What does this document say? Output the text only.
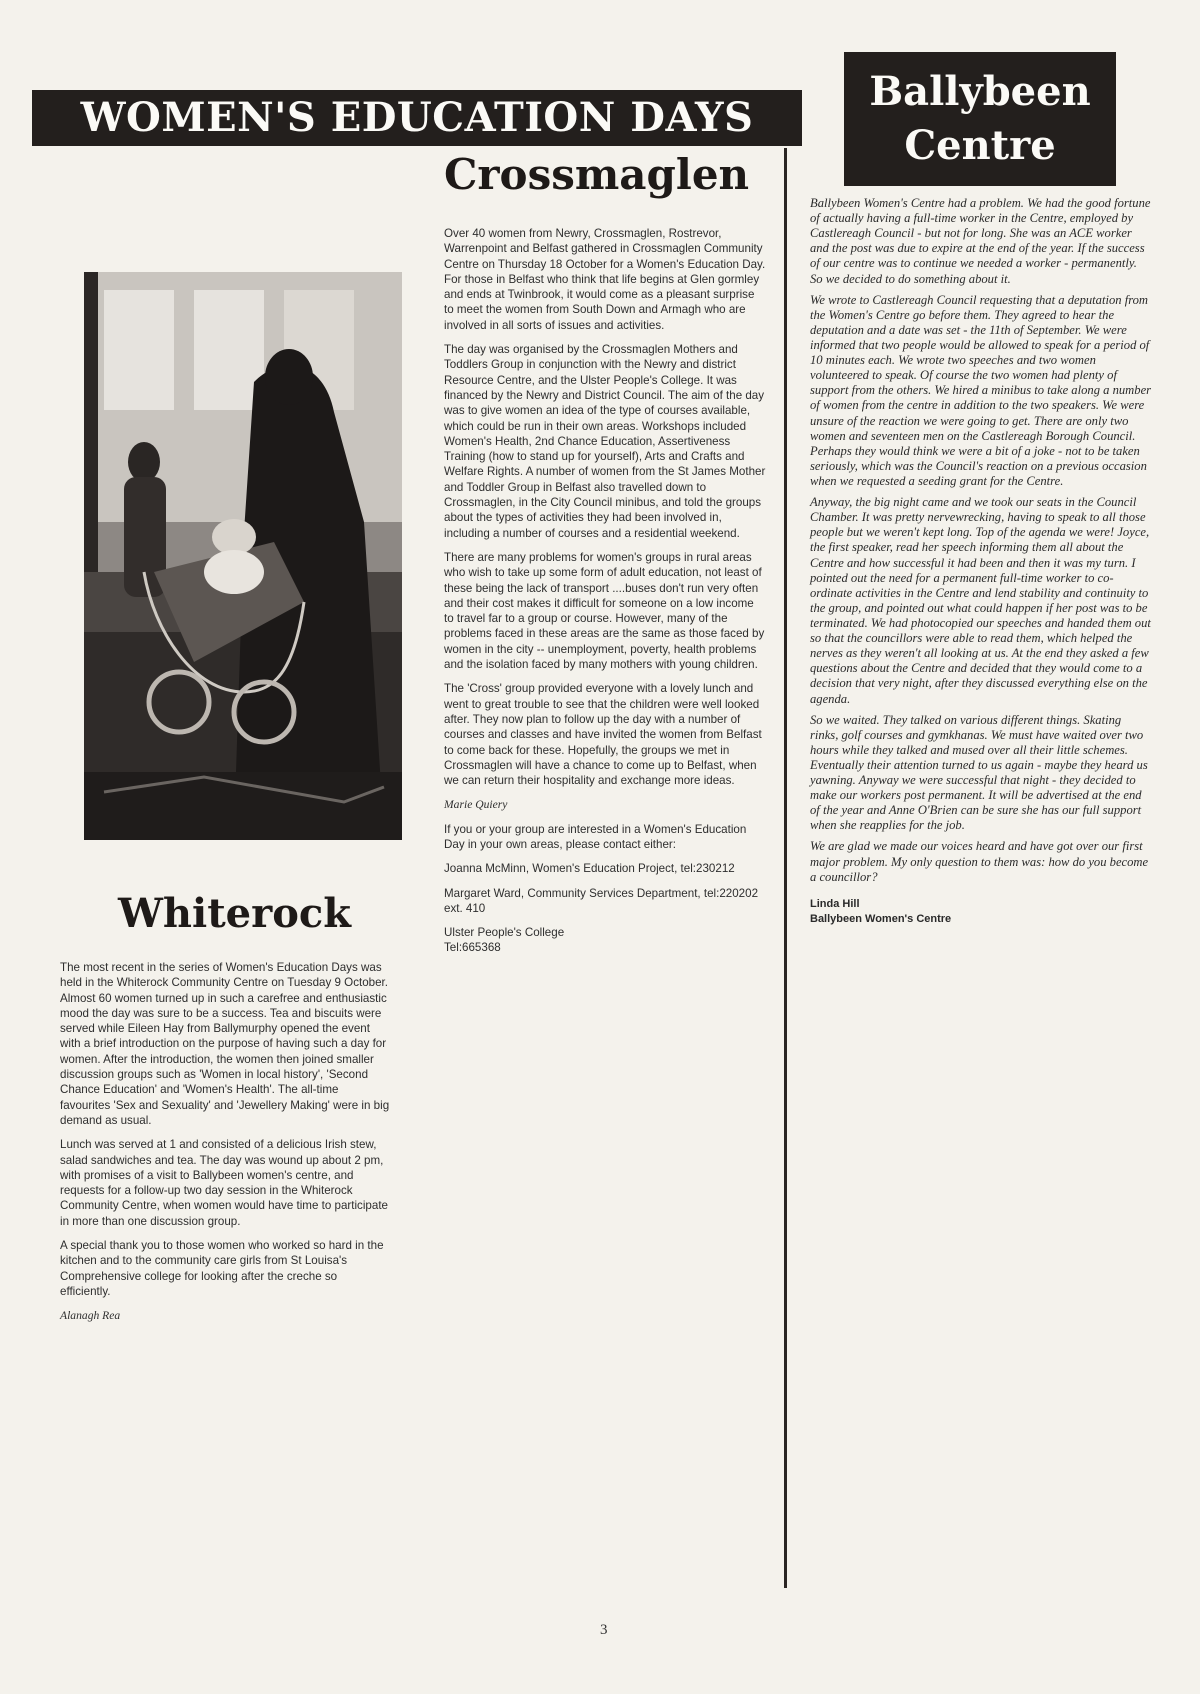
WOMEN'S EDUCATION DAYS
Ballybeen
Centre
Crossmaglen
Whiterock

The most recent in the series of Women's Education Days was held in the Whiterock Community Centre on Tuesday 9 October. Almost 60 women turned up in such a carefree and enthusiastic mood the day was sure to be a success. Tea and biscuits were served while Eileen Hay from Ballymurphy opened the event with a brief introduction on the purpose of having such a day for women. After the introduction, the women then joined smaller discussion groups such as 'Women in local history', 'Second Chance Education' and 'Women's Health'. The all-time favourites 'Sex and Sexuality' and 'Jewellery Making' were in big demand as usual.

Lunch was served at 1 and consisted of a delicious Irish stew, salad sandwiches and tea. The day was wound up about 2 pm, with promises of a visit to Ballybeen women's centre, and requests for a follow-up two day session in the Whiterock Community Centre, when women would have time to participate in more than one discussion group.

A special thank you to those women who worked so hard in the kitchen and to the community care girls from St Louisa's Comprehensive college for looking after the creche so efficiently.

Alanagh Rea

Over 40 women from Newry, Crossmaglen, Rostrevor, Warrenpoint and Belfast gathered in Crossmaglen Community Centre on Thursday 18 October for a Women's Education Day. For those in Belfast who think that life begins at Glen gormley and ends at Twinbrook, it would come as a pleasant surprise to meet the women from South Down and Armagh who are involved in all sorts of issues and activities.

The day was organised by the Crossmaglen Mothers and Toddlers Group in conjunction with the Newry and district Resource Centre, and the Ulster People's College. It was financed by the Newry and District Council. The aim of the day was to give women an idea of the type of courses available, which could be run in their own areas. Workshops included Women's Health, 2nd Chance Education, Assertiveness Training (how to stand up for yourself), Arts and Crafts and Welfare Rights. A number of women from the St James Mother and Toddler Group in Belfast also travelled down to Crossmaglen, in the City Council minibus, and told the groups about the types of activities they had been involved in, including a number of courses and a residential weekend.

There are many problems for women's groups in rural areas who wish to take up some form of adult education, not least of these being the lack of transport ....buses don't run very often and their cost makes it difficult for someone on a low income to travel far to a group or course. However, many of the problems faced in these areas are the same as those faced by women in the city -- unemployment, poverty, health problems and the isolation faced by many mothers with young children.

The 'Cross' group provided everyone with a lovely lunch and went to great trouble to see that the children were well looked after. They now plan to follow up the day with a number of courses and classes and have invited the women from Belfast to come back for these. Hopefully, the groups we met in Crossmaglen will have a chance to come up to Belfast, when we can return their hospitality and exchange more ideas.

Marie Quiery

If you or your group are interested in a Women's Education Day in your own areas, please contact either:

Joanna McMinn, Women's Education Project, tel:230212

Margaret Ward, Community Services Department, tel:220202 ext. 410

Ulster People's College
Tel:665368

Ballybeen Women's Centre had a problem. We had the good fortune of actually having a full-time worker in the Centre, employed by Castlereagh Council - but not for long. She was an ACE worker and the post was due to expire at the end of the year. If the success of our centre was to continue we needed a worker - permanently. So we decided to do something about it.

We wrote to Castlereagh Council requesting that a deputation from the Women's Centre go before them. They agreed to hear the deputation and a date was set - the 11th of September. We were informed that two people would be allowed to speak for a period of 10 minutes each. We wrote two speeches and two women volunteered to speak. Of course the two women had plenty of support from the others. We hired a minibus to take along a number of women from the centre in addition to the two speakers. We were unsure of the reaction we were going to get. There are only two women and seventeen men on the Castlereagh Borough Council. Perhaps they would think we were a bit of a joke - not to be taken seriously, which was the Council's reaction on a previous occasion when we requested a seeding grant for the Centre.

Anyway, the big night came and we took our seats in the Council Chamber. It was pretty nervewrecking, having to speak to all those people but we weren't kept long. Top of the agenda we were! Joyce, the first speaker, read her speech informing them all about the Centre and how successful it had been and then it was my turn. I pointed out the need for a permanent full-time worker to co-ordinate activities in the Centre and lend stability and continuity to the group, and pointed out what could happen if her post was to be terminated. We had photocopied our speeches and handed them out so that the councillors were able to read them, which helped the nerves as they weren't all looking at us. At the end they asked a few questions about the Centre and decided that they would come to a decision that very night, after they discussed everything else on the agenda.

So we waited. They talked on various different things. Skating rinks, golf courses and gymkhanas. We must have waited over two hours while they talked and mused over all their little schemes. Eventually their attention turned to us again - maybe they heard us yawning. Anyway we were successful that night - they decided to make our workers post permanent. It will be advertised at the end of the year and Anne O'Brien can be sure she has our full support when she reapplies for the job.

We are glad we made our voices heard and have got over our first major problem. My only question to them was: how do you become a councillor?

Linda Hill
Ballybeen Women's Centre

3
